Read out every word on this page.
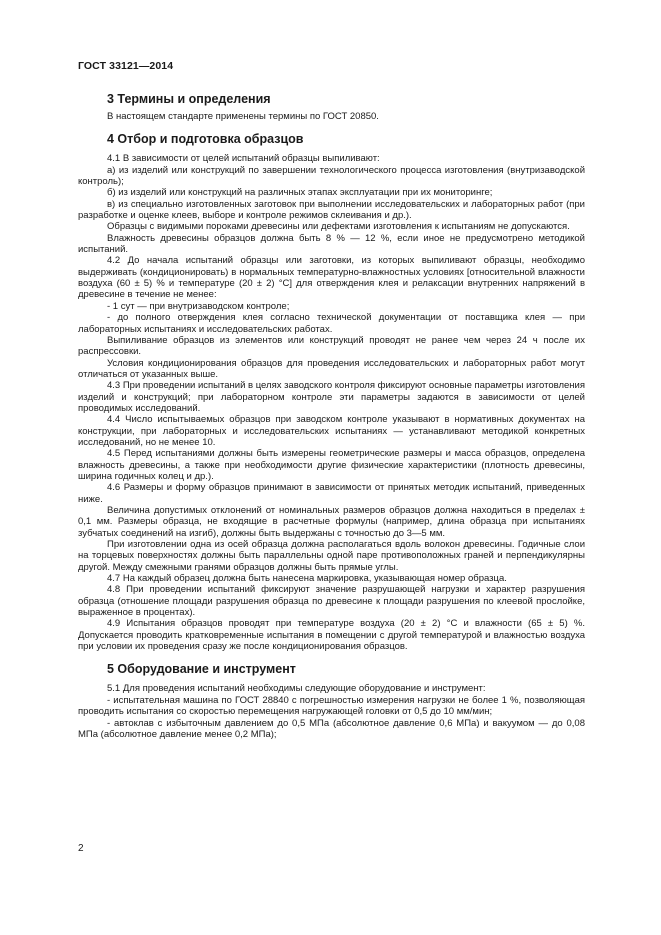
ГОСТ 33121—2014
3 Термины и определения

В настоящем стандарте применены термины по ГОСТ 20850.

4 Отбор и подготовка образцов

4.1 В зависимости от целей испытаний образцы выпиливают:

а) из изделий или конструкций по завершении технологического процесса изготовления (внутризаводской контроль);

б) из изделий или конструкций на различных этапах эксплуатации при их мониторинге;

в) из специально изготовленных заготовок при выполнении исследовательских и лабораторных работ (при разработке и оценке клеев, выборе и контроле режимов склеивания и др.).

Образцы с видимыми пороками древесины или дефектами изготовления к испытаниям не допускаются.

Влажность древесины образцов должна быть 8 % — 12 %, если иное не предусмотрено методикой испытаний.

4.2 До начала испытаний образцы или заготовки, из которых выпиливают образцы, необходимо выдерживать (кондиционировать) в нормальных температурно-влажностных условиях [относительной влажности воздуха (60 ± 5) % и температуре (20 ± 2) °С] для отверждения клея и релаксации внутренних напряжений в древесине в течение не менее:

- 1 сут — при внутризаводском контроле;

- до полного отверждения клея согласно технической документации от поставщика клея — при лабораторных испытаниях и исследовательских работах.

Выпиливание образцов из элементов или конструкций проводят не ранее чем через 24 ч после их распрессовки.

Условия кондиционирования образцов для проведения исследовательских и лабораторных работ могут отличаться от указанных выше.

4.3 При проведении испытаний в целях заводского контроля фиксируют основные параметры изготовления изделий и конструкций; при лабораторном контроле эти параметры задаются в зависимости от целей проводимых исследований.

4.4 Число испытываемых образцов при заводском контроле указывают в нормативных документах на конструкции, при лабораторных и исследовательских испытаниях — устанавливают методикой конкретных исследований, но не менее 10.

4.5 Перед испытаниями должны быть измерены геометрические размеры и масса образцов, определена влажность древесины, а также при необходимости другие физические характеристики (плотность древесины, ширина годичных колец и др.).

4.6 Размеры и форму образцов принимают в зависимости от принятых методик испытаний, приведенных ниже.

Величина допустимых отклонений от номинальных размеров образцов должна находиться в пределах ± 0,1 мм. Размеры образца, не входящие в расчетные формулы (например, длина образца при испытаниях зубчатых соединений на изгиб), должны быть выдержаны с точностью до 3—5 мм.

При изготовлении одна из осей образца должна располагаться вдоль волокон древесины. Годичные слои на торцевых поверхностях должны быть параллельны одной паре противоположных граней и перпендикулярны другой. Между смежными гранями образцов должны быть прямые углы.

4.7 На каждый образец должна быть нанесена маркировка, указывающая номер образца.

4.8 При проведении испытаний фиксируют значение разрушающей нагрузки и характер разрушения образца (отношение площади разрушения образца по древесине к площади разрушения по клеевой прослойке, выраженное в процентах).

4.9 Испытания образцов проводят при температуре воздуха (20 ± 2) °С и влажности (65 ± 5) %. Допускается проводить кратковременные испытания в помещении с другой температурой и влажностью воздуха при условии их проведения сразу же после кондиционирования образцов.

5 Оборудование и инструмент

5.1 Для проведения испытаний необходимы следующие оборудование и инструмент:

- испытательная машина по ГОСТ 28840 с погрешностью измерения нагрузки не более 1 %, позволяющая проводить испытания со скоростью перемещения нагружающей головки от 0,5 до 10 мм/мин;

- автоклав с избыточным давлением до 0,5 МПа (абсолютное давление 0,6 МПа) и вакуумом — до 0,08 МПа (абсолютное давление менее 0,2 МПа);

2
